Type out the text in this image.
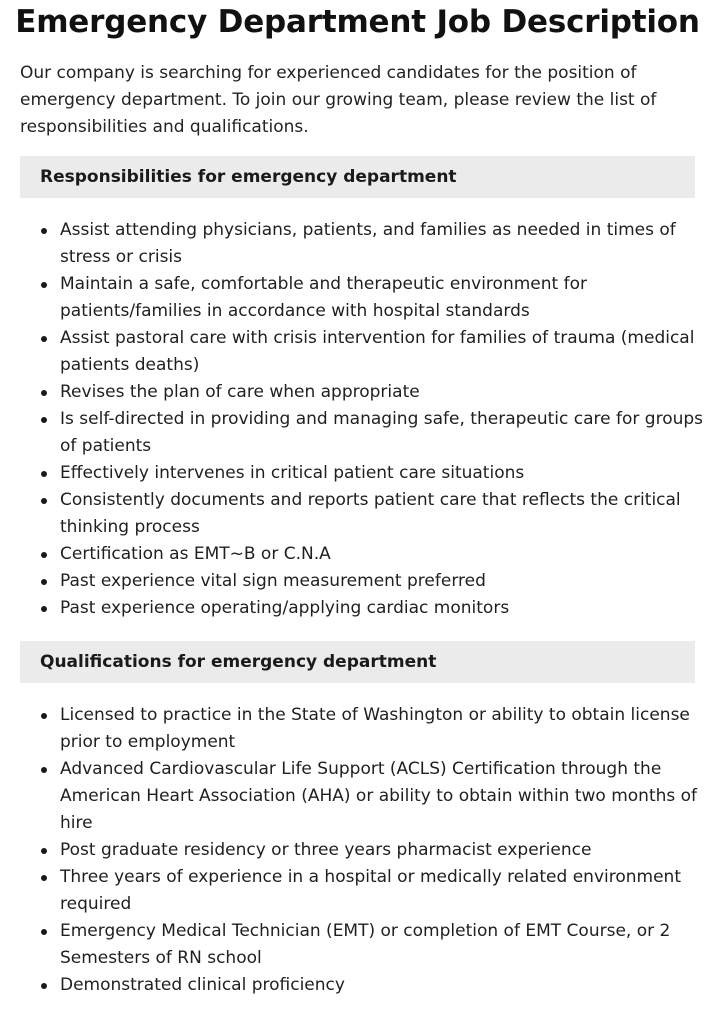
Emergency Department Job Description

Our company is searching for experienced candidates for the position of emergency department. To join our growing team, please review the list of responsibilities and qualifications.

Responsibilities for emergency department
Assist attending physicians, patients, and families as needed in times of stress or crisis
Maintain a safe, comfortable and therapeutic environment for patients/families in accordance with hospital standards
Assist pastoral care with crisis intervention for families of trauma (medical patients deaths)
Revises the plan of care when appropriate
Is self-directed in providing and managing safe, therapeutic care for groups of patients
Effectively intervenes in critical patient care situations
Consistently documents and reports patient care that reflects the critical thinking process
Certification as EMT~B or C.N.A
Past experience vital sign measurement preferred
Past experience operating/applying cardiac monitors
Qualifications for emergency department
Licensed to practice in the State of Washington or ability to obtain license prior to employment
Advanced Cardiovascular Life Support (ACLS) Certification through the American Heart Association (AHA) or ability to obtain within two months of hire
Post graduate residency or three years pharmacist experience
Three years of experience in a hospital or medically related environment required
Emergency Medical Technician (EMT) or completion of EMT Course, or 2 Semesters of RN school
Demonstrated clinical proficiency
